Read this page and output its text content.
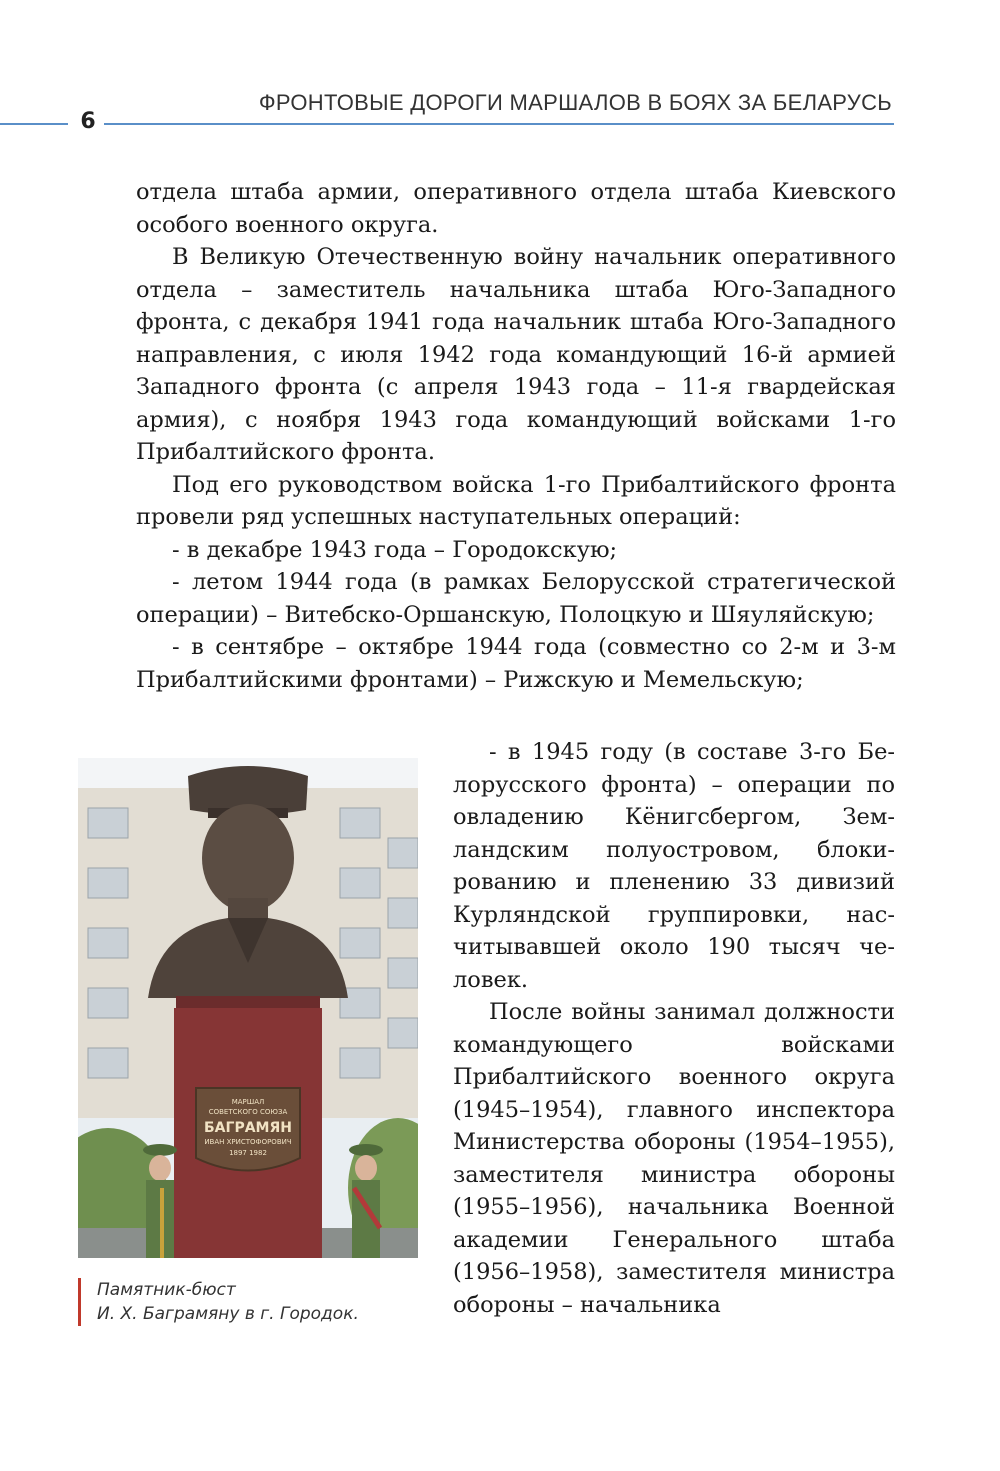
6
ФРОНТОВЫЕ ДОРОГИ МАРШАЛОВ В БОЯХ ЗА БЕЛАРУСЬ

отдела штаба армии, оперативного отдела штаба Киевского особого военного округа.

В Великую Отечественную войну начальник оперативного отдела – заместитель начальника штаба Юго-Западного фронта, с декабря 1941 года начальник штаба Юго-Западного направления, с июля 1942 года командующий 16-й армией Западного фронта (с апреля 1943 года – 11-я гвардейская армия), с ноября 1943 года командующий войсками 1-го Прибалтийского фронта.

Под его руководством войска 1-го Прибалтийского фронта провели ряд успешных наступательных операций:

- в декабре 1943 года – Городокскую;

- летом 1944 года (в рамках Белорусской стратегической операции) – Витебско-Оршанскую, Полоцкую и Шяуляйскую;

- в сентябре – октябре 1944 года (совместно со 2-м и 3-м Прибалтийскими фронтами) – Рижскую и Мемельскую;

- в 1945 году (в составе 3-го Белорусского фронта) – операции по овладению Кёнигсбергом, Земландским полуостровом, блокированию и пленению 33 дивизий Курляндской группировки, насчитывавшей около 190 тысяч человек.

После войны занимал должности командующего войсками Прибалтийского военного округа (1945–1954), главного инспектора Министерства обороны (1954–1955), заместителя министра обороны (1955–1956), начальника Военной академии Генерального штаба (1956–1958), заместителя министра обороны – начальника

МАРШАЛ
СОВЕТСКОГО СОЮЗА
БАГРАМЯН
ИВАН ХРИСТОФОРОВИЧ
1897 1982
Памятник-бюст
И. Х. Баграмяну в г. Городок.
